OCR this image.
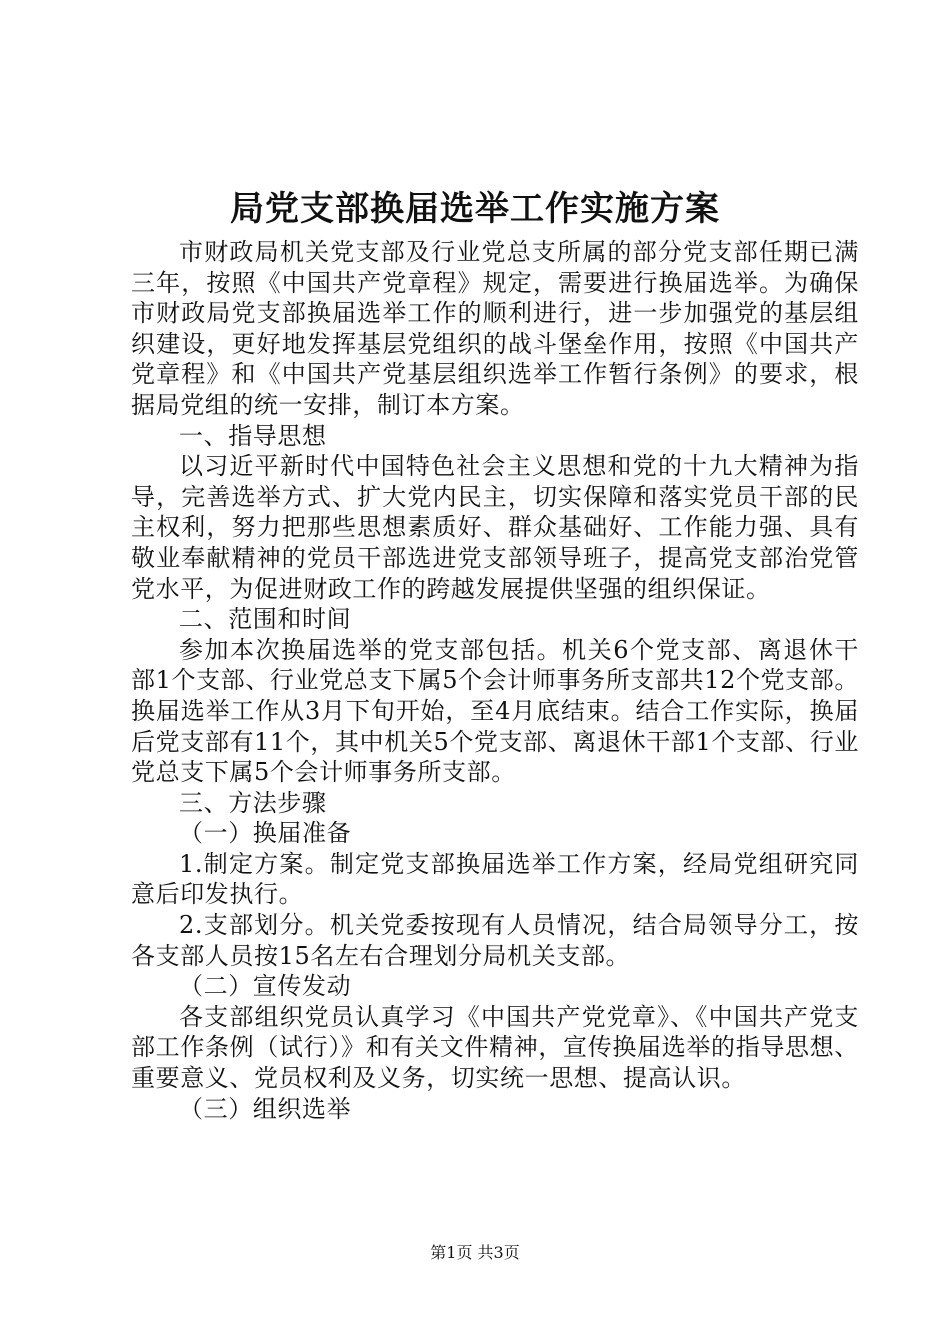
局党支部换届选举工作实施方案

市财政局机关党支部及行业党总支所属的部分党支部任期已满三年，按照《中国共产党章程》规定，需要进行换届选举。为确保市财政局党支部换届选举工作的顺利进行，进一步加强党的基层组织建设，更好地发挥基层党组织的战斗堡垒作用，按照《中国共产党章程》和《中国共产党基层组织选举工作暂行条例》的要求，根据局党组的统一安排，制订本方案。

一、指导思想

以习近平新时代中国特色社会主义思想和党的十九大精神为指导，完善选举方式、扩大党内民主，切实保障和落实党员干部的民主权利，努力把那些思想素质好、群众基础好、工作能力强、具有敬业奉献精神的党员干部选进党支部领导班子，提高党支部治党管党水平，为促进财政工作的跨越发展提供坚强的组织保证。

二、范围和时间

参加本次换届选举的党支部包括。机关6个党支部、离退休干部1个支部、行业党总支下属5个会计师事务所支部共12个党支部。换届选举工作从3月下旬开始，至4月底结束。结合工作实际，换届后党支部有11个，其中机关5个党支部、离退休干部1个支部、行业党总支下属5个会计师事务所支部。

三、方法步骤

（一）换届准备

1.制定方案。制定党支部换届选举工作方案，经局党组研究同意后印发执行。

2.支部划分。机关党委按现有人员情况，结合局领导分工，按各支部人员按15名左右合理划分局机关支部。

（二）宣传发动

各支部组织党员认真学习《中国共产党党章》、《中国共产党支部工作条例（试行）》和有关文件精神，宣传换届选举的指导思想、重要意义、党员权利及义务，切实统一思想、提高认识。

（三）组织选举

第1页 共3页
